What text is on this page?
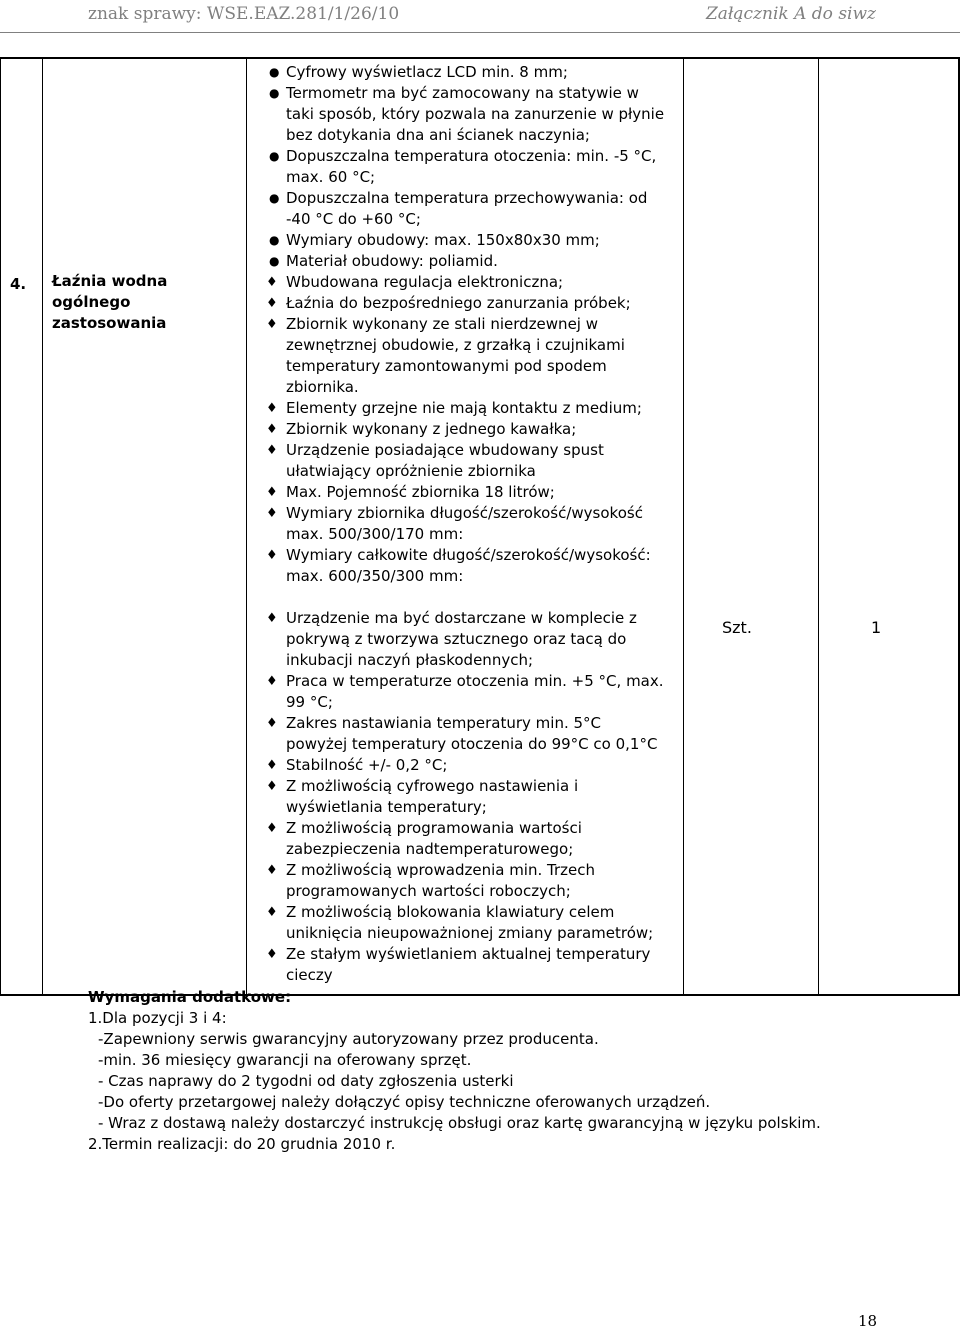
znak sprawy: WSE.EAZ.281/1/26/10	Załącznik A do siwz
4. Łaźnia wodna ogólnego zastosowania
● Cyfrowy wyświetlacz LCD min. 8 mm;
● Termometr ma być zamocowany na statywie w taki sposób, który pozwala na zanurzenie w płynie bez dotykania dna ani ścianek naczynia;
● Dopuszczalna temperatura otoczenia: min. -5 °C, max. 60 °C;
● Dopuszczalna temperatura przechowywania: od -40 °C do +60 °C;
● Wymiary obudowy: max. 150x80x30 mm;
● Materiał obudowy: poliamid.
♦ Wbudowana regulacja elektroniczna;
♦ Łaźnia do bezpośredniego zanurzania próbek;
♦ Zbiornik wykonany ze stali nierdzewnej w zewnętrznej obudowie, z grzałką i czujnikami temperatury zamontowanymi pod spodem zbiornika.
♦ Elementy grzejne nie mają kontaktu z medium;
♦ Zbiornik wykonany z jednego kawałka;
♦ Urządzenie posiadające wbudowany spust ułatwiający opróżnienie zbiornika
♦ Max. Pojemność zbiornika 18 litrów;
♦ Wymiary zbiornika długość/szerokość/wysokość max. 500/300/170 mm:
♦ Wymiary całkowite długość/szerokość/wysokość: max. 600/350/300 mm:
♦ Urządzenie ma być dostarczane w komplecie z pokrywą z tworzywa sztucznego oraz tacą do inkubacji naczyń płaskodennych;
♦ Praca w temperaturze otoczenia min. +5 °C, max. 99 °C;
♦ Zakres nastawiania temperatury min. 5°C powyżej temperatury otoczenia do 99°C co 0,1°C
♦ Stabilność +/- 0,2 °C;
♦ Z możliwością cyfrowego nastawienia i wyświetlania temperatury;
♦ Z możliwością programowania wartości zabezpieczenia nadtemperaturowego;
♦ Z możliwością wprowadzenia min. Trzech programowanych wartości roboczych;
♦ Z możliwością blokowania klawiatury celem uniknięcia nieupoważnionej zmiany parametrów;
♦ Ze stałym wyświetlaniem aktualnej temperatury cieczy
Szt.	1
Wymagania dodatkowe:
1.Dla pozycji 3 i 4:
-Zapewniony serwis gwarancyjny autoryzowany przez producenta.
-min. 36 miesięcy gwarancji na oferowany sprzęt.
- Czas naprawy do 2 tygodni od daty zgłoszenia usterki
-Do oferty przetargowej należy dołączyć opisy techniczne oferowanych urządzeń.
- Wraz z dostawą należy dostarczyć instrukcję obsługi oraz kartę gwarancyjną w języku polskim.
2.Termin realizacji: do 20 grudnia 2010 r.
18
